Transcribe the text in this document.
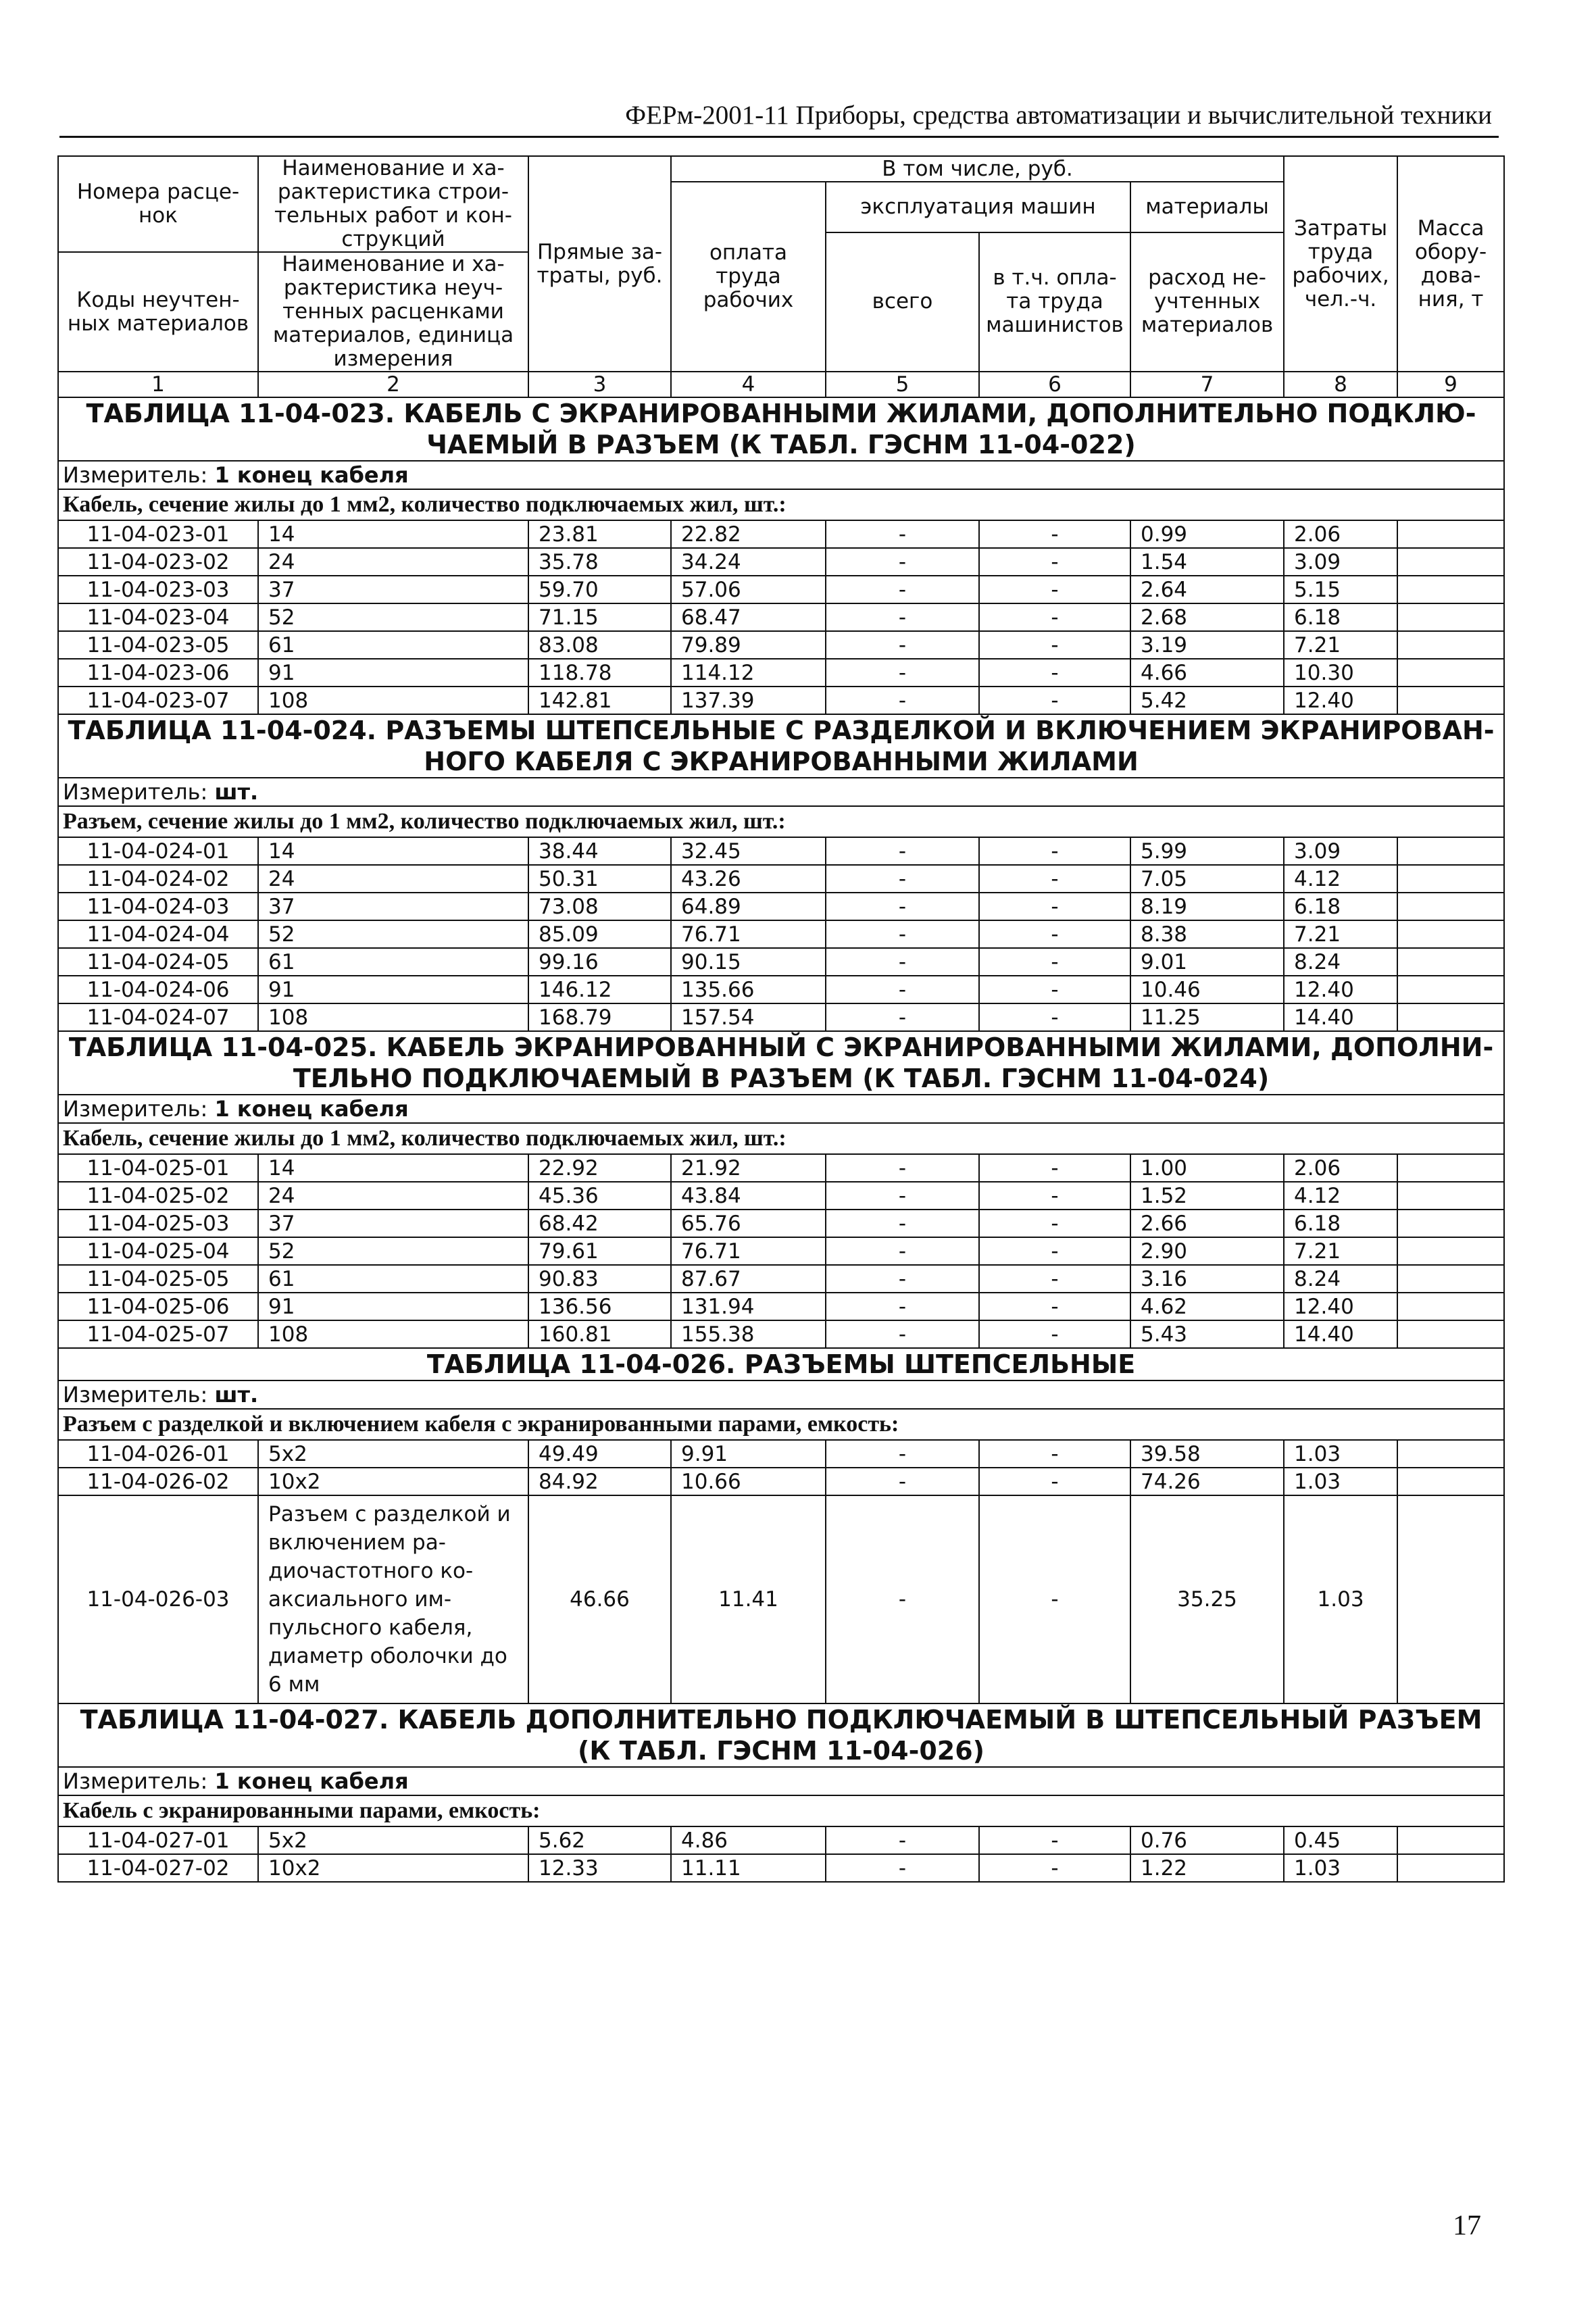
ФЕРм-2001-11 Приборы, средства автоматизации и вычислительной техники
Номера расце-нок	Наименование и ха-рактеристика строи-тельных работ и кон-струкций	Прямые за-траты, руб.	В том числе, руб.				Затраты труда рабочих, чел.-ч.	Масса обору-дова-ния, т
			оплата труда рабочих	эксплуатация машин		материалы		
				всего	в т.ч. опла-та труда машинистов	расход не-учтенных материалов		
Коды неучтен-ных материалов	Наименование и ха-рактеристика неуч-тенных расценками материалов, единица измерения							

1	2	3	4	5	6	7	8	9
ТАБЛИЦА 11-04-023. КАБЕЛЬ С ЭКРАНИРОВАННЫМИ ЖИЛАМИ, ДОПОЛНИТЕЛЬНО ПОДКЛЮ-ЧАЕМЫЙ В РАЗЪЕМ (К ТАБЛ. ГЭСНМ 11-04-022)								
Измеритель: 1 конец кабеля								
Кабель, сечение жилы до 1 мм2, количество подключаемых жил, шт.:								
11-04-023-01	14	23.81	22.82	-	-	0.99	2.06	
11-04-023-02	24	35.78	34.24	-	-	1.54	3.09	
11-04-023-03	37	59.70	57.06	-	-	2.64	5.15	
11-04-023-04	52	71.15	68.47	-	-	2.68	6.18	
11-04-023-05	61	83.08	79.89	-	-	3.19	7.21	
11-04-023-06	91	118.78	114.12	-	-	4.66	10.30	
11-04-023-07	108	142.81	137.39	-	-	5.42	12.40	
ТАБЛИЦА 11-04-024. РАЗЪЕМЫ ШТЕПСЕЛЬНЫЕ С РАЗДЕЛКОЙ И ВКЛЮЧЕНИЕМ ЭКРАНИРОВАН-НОГО КАБЕЛЯ С ЭКРАНИРОВАННЫМИ ЖИЛАМИ								
Измеритель: шт.								
Разъем, сечение жилы до 1 мм2, количество подключаемых жил, шт.:								
11-04-024-01	14	38.44	32.45	-	-	5.99	3.09	
11-04-024-02	24	50.31	43.26	-	-	7.05	4.12	
11-04-024-03	37	73.08	64.89	-	-	8.19	6.18	
11-04-024-04	52	85.09	76.71	-	-	8.38	7.21	
11-04-024-05	61	99.16	90.15	-	-	9.01	8.24	
11-04-024-06	91	146.12	135.66	-	-	10.46	12.40	
11-04-024-07	108	168.79	157.54	-	-	11.25	14.40	
ТАБЛИЦА 11-04-025. КАБЕЛЬ ЭКРАНИРОВАННЫЙ С ЭКРАНИРОВАННЫМИ ЖИЛАМИ, ДОПОЛНИ-ТЕЛЬНО ПОДКЛЮЧАЕМЫЙ В РАЗЪЕМ (К ТАБЛ. ГЭСНМ 11-04-024)								
Измеритель: 1 конец кабеля								
Кабель, сечение жилы до 1 мм2, количество подключаемых жил, шт.:								
11-04-025-01	14	22.92	21.92	-	-	1.00	2.06	
11-04-025-02	24	45.36	43.84	-	-	1.52	4.12	
11-04-025-03	37	68.42	65.76	-	-	2.66	6.18	
11-04-025-04	52	79.61	76.71	-	-	2.90	7.21	
11-04-025-05	61	90.83	87.67	-	-	3.16	8.24	
11-04-025-06	91	136.56	131.94	-	-	4.62	12.40	
11-04-025-07	108	160.81	155.38	-	-	5.43	14.40	
ТАБЛИЦА 11-04-026. РАЗЪЕМЫ ШТЕПСЕЛЬНЫЕ								
Измеритель: шт.								
Разъем с разделкой и включением кабеля с экранированными парами, емкость:								
11-04-026-01	5x2	49.49	9.91	-	-	39.58	1.03	
11-04-026-02	10x2	84.92	10.66	-	-	74.26	1.03	
11-04-026-03	Разъем с разделкой и включением ра-диочастотного ко-аксиального им-пульсного кабеля, диаметр оболочки до 6 мм	46.66	11.41	-	-	35.25	1.03	
ТАБЛИЦА 11-04-027. КАБЕЛЬ ДОПОЛНИТЕЛЬНО ПОДКЛЮЧАЕМЫЙ В ШТЕПСЕЛЬНЫЙ РАЗЪЕМ (К ТАБЛ. ГЭСНМ 11-04-026)								
Измеритель: 1 конец кабеля								
Кабель с экранированными парами, емкость:								
11-04-027-01	5x2	5.62	4.86	-	-	0.76	0.45	
11-04-027-02	10x2	12.33	11.11	-	-	1.22	1.03	
17
